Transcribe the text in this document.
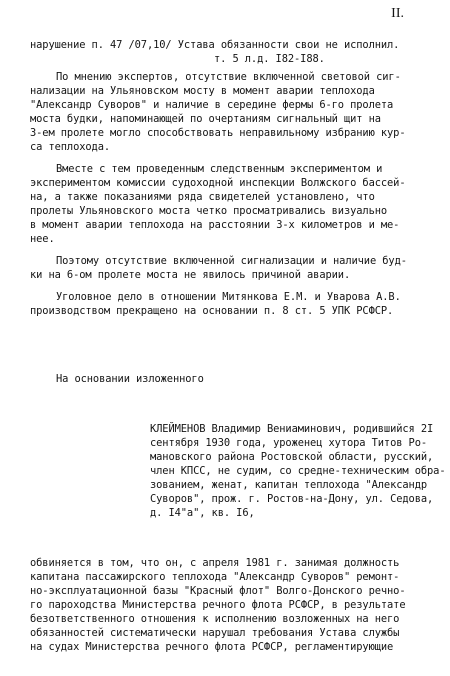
II.
нарушение п. 47 /07,10/ Устава обязанности свои не исполнил.
т. 5 л.д. I82-I88.
По мнению экспертов, отсутствие включенной световой сиг-
нализации на Ульяновском мосту в момент аварии теплохода
"Александр Суворов" и наличие в середине фермы 6-го пролета
моста будки, напоминающей по очертаниям сигнальный щит на
3-ем пролете могло способствовать неправильному избранию кур-
са теплохода.
Вместе с тем проведенным следственным экспериментом и
экспериментом комиссии судоходной инспекции Волжского бассей-
на, а также показаниями ряда свидетелей установлено, что
пролеты Ульяновского моста четко просматривались визуально
в момент аварии теплохода на расстоянии 3-х километров и ме-
нее.
Поэтому отсутствие включенной сигнализации и наличие буд-
ки на 6-ом пролете моста не явилось причиной аварии.
Уголовное дело в отношении Митянкова Е.М. и Уварова А.В.
производством прекращено на основании п. 8 ст. 5 УПК РСФСР.
На основании изложенного
КЛЕЙМЕНОВ Владимир Вениаминович, родившийся 2I
сентября 1930 года, уроженец хутора Титов Ро-
мановского района Ростовской области, русский,
член КПСС, не судим, со средне-техническим обра-
зованием, женат, капитан теплохода "Александр
Суворов", прож. г. Ростов-на-Дону, ул. Седова,
д. I4"а", кв. I6,
обвиняется в том, что он, с апреля 1981 г. занимая должность
капитана пассажирского теплохода "Александр Суворов" ремонт-
но-эксплуатационной базы "Красный флот" Волго-Донского речно-
го пароходства Министерства речного флота РСФСР, в результате
безответственного отношения к исполнению возложенных на него
обязанностей систематически нарушал требования Устава службы
на судах Министерства речного флота РСФСР, регламентирующие
